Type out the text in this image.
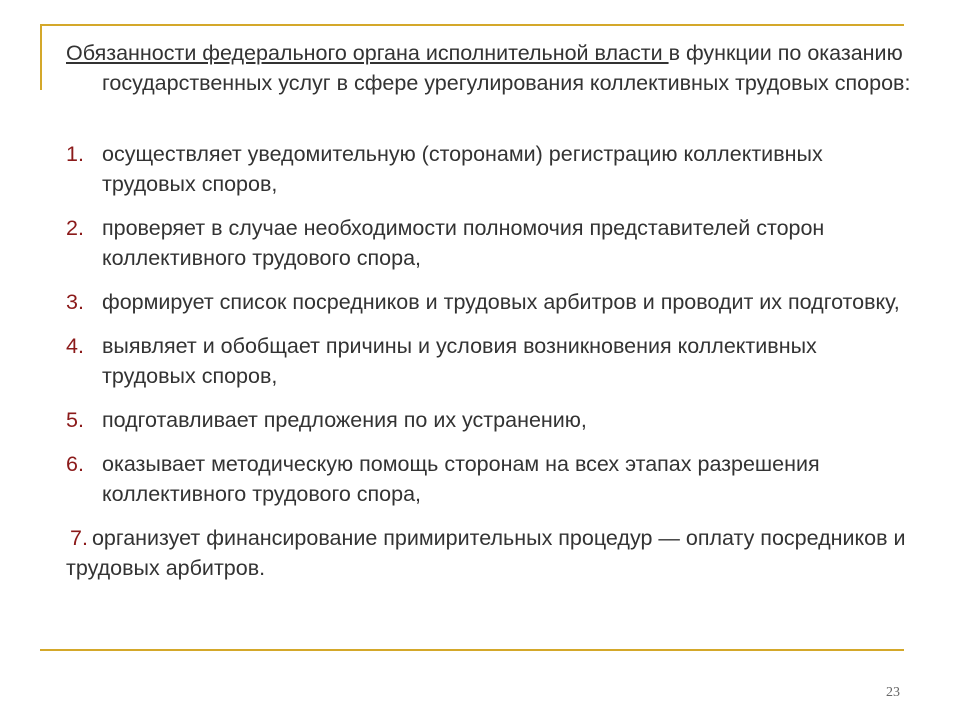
Обязанности федерального органа исполнительной власти в функции по оказанию государственных услуг в сфере урегулирования коллективных трудовых споров:

1. осуществляет уведомительную (сторонами) регистрацию коллективных трудовых споров,
2. проверяет в случае необходимости полномочия представителей сторон коллективного трудового спора,
3. формирует список посредников и трудовых арбитров и проводит их подготовку,
4. выявляет и обобщает причины и условия возникновения коллективных трудовых споров,
5. подготавливает предложения по их устранению,
6. оказывает методическую помощь сторонам на всех этапах разрешения коллективного трудового спора,

7. организует финансирование примирительных процедур — оплату посредников и трудовых арбитров.

23
